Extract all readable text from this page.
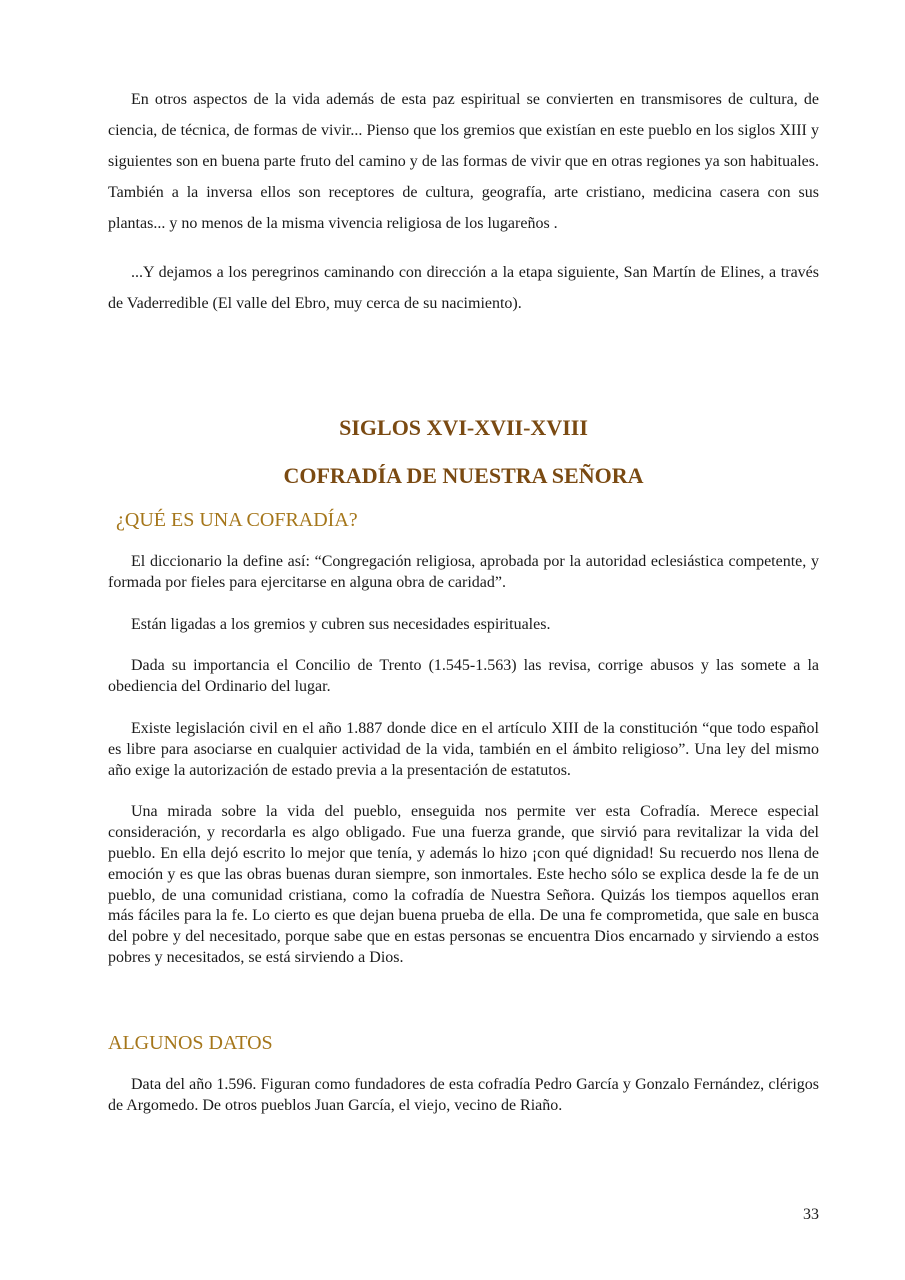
En otros aspectos de la vida además de esta paz espiritual se convierten en transmisores de cultura, de ciencia, de técnica, de formas de vivir... Pienso que los gremios que existían en este pueblo en los siglos XIII y siguientes son en buena parte fruto del camino y de las formas de vivir que en otras regiones ya son habituales. También a la inversa ellos son receptores de cultura, geografía, arte cristiano, medicina casera con sus plantas... y no menos de la misma vivencia religiosa de los lugareños .

...Y dejamos a los peregrinos caminando con dirección a la etapa siguiente, San Martín de Elines, a través de Vaderredible (El valle del Ebro, muy cerca de su nacimiento).

SIGLOS XVI-XVII-XVIII
COFRADÍA DE NUESTRA SEÑORA
¿QUÉ ES UNA COFRADÍA?

El diccionario la define así: “Congregación religiosa, aprobada por la autoridad eclesiástica competente, y formada por fieles para ejercitarse en alguna obra de caridad”.

Están ligadas a los gremios y cubren sus necesidades espirituales.

Dada su importancia el Concilio de Trento (1.545-1.563) las revisa, corrige abusos y las somete a la obediencia del Ordinario del lugar.

Existe legislación civil en el año 1.887 donde dice en el artículo XIII de la constitución “que todo español es libre para asociarse en cualquier actividad de la vida, también en el ámbito religioso”. Una ley del mismo año exige la autorización de estado previa a la presentación de estatutos.

Una mirada sobre la vida del pueblo, enseguida nos permite ver esta Cofradía. Merece especial consideración, y recordarla es algo obligado. Fue una fuerza grande, que sirvió para revitalizar la vida del pueblo. En ella dejó escrito lo mejor que tenía, y además lo hizo ¡con qué dignidad! Su recuerdo nos llena de emoción y es que las obras buenas duran siempre, son inmortales. Este hecho sólo se explica desde la fe de un pueblo, de una comunidad cristiana, como la cofradía de Nuestra Señora. Quizás los tiempos aquellos eran más fáciles para la fe. Lo cierto es que dejan buena prueba de ella. De una fe comprometida, que sale en busca del pobre y del necesitado, porque sabe que en estas personas se encuentra Dios encarnado y sirviendo a estos pobres y necesitados, se está sirviendo a Dios.

ALGUNOS DATOS

Data del año 1.596. Figuran como fundadores de esta cofradía Pedro García y Gonzalo Fernández, clérigos de Argomedo. De otros pueblos Juan García, el viejo, vecino de Riaño.

33
